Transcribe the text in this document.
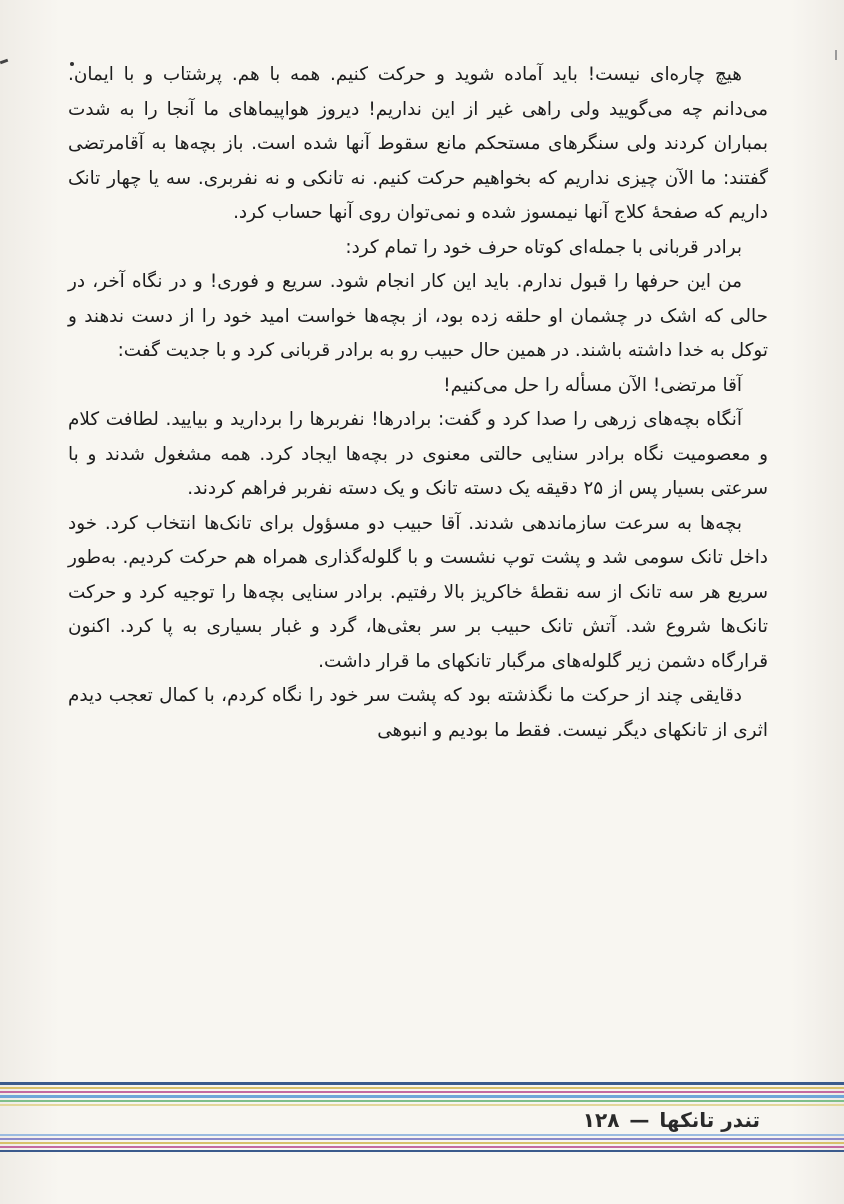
هیچ چاره‌ای نیست! باید آماده شوید و حرکت کنیم. همه با هم. پرشتاب و با ایمان. می‌دانم چه می‌گویید ولی راهی غیر از این نداریم! دیروز هواپیماهای ما آنجا را به شدت بمباران کردند ولی سنگرهای مستحکم مانع سقوط آنها شده است. باز بچه‌ها به آقامرتضی گفتند: ما الآن چیزی نداریم که بخواهیم حرکت کنیم. نه تانکی و نه نفربری. سه یا چهار تانک داریم که صفحهٔ کلاج آنها نیمسوز شده و نمی‌توان روی آنها حساب کرد.

برادر قربانی با جمله‌ای کوتاه حرف خود را تمام کرد:

من این حرفها را قبول ندارم. باید این کار انجام شود. سریع و فوری! و در نگاه آخر، در حالی که اشک در چشمان او حلقه زده بود، از بچه‌ها خواست امید خود را از دست ندهند و توکل به خدا داشته باشند. در همین حال حبیب رو به برادر قربانی کرد و با جدیت گفت:

آقا مرتضی! الآن مسأله را حل می‌کنیم!

آنگاه بچه‌های زرهی را صدا کرد و گفت: برادرها! نفربرها را بردارید و بیایید. لطافت کلام و معصومیت نگاه برادر سنایی حالتی معنوی در بچه‌ها ایجاد کرد. همه مشغول شدند و با سرعتی بسیار پس از ۲۵ دقیقه یک دسته تانک و یک دسته نفربر فراهم کردند.

بچه‌ها به سرعت سازماندهی شدند. آقا حبیب دو مسؤول برای تانک‌ها انتخاب کرد. خود داخل تانک سومی شد و پشت توپ نشست و با گلوله‌گذاری همراه هم حرکت کردیم. به‌طور سریع هر سه تانک از سه نقطهٔ خاکریز بالا رفتیم. برادر سنایی بچه‌ها را توجیه کرد و حرکت تانک‌ها شروع شد. آتش تانک حبیب بر سر بعثی‌ها، گرد و غبار بسیاری به پا کرد. اکنون قرارگاه دشمن زیر گلوله‌های مرگبار تانکهای ما قرار داشت.

دقایقی چند از حرکت ما نگذشته بود که پشت سر خود را نگاه کردم، با کمال تعجب دیدم اثری از تانکهای دیگر نیست. فقط ما بودیم و انبوهی

تندر تانکها
—
۱۲۸
